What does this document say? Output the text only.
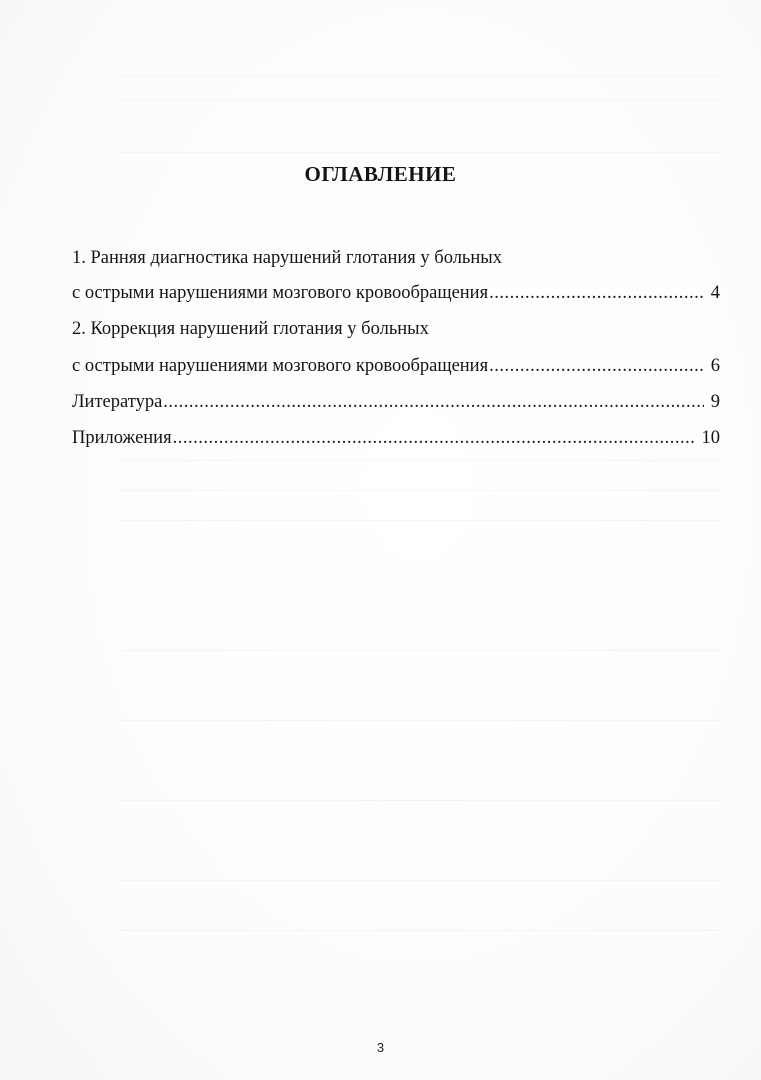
ОГЛАВЛЕНИЕ
1. Ранняя диагностика нарушений глотания у больных
с острыми нарушениями мозгового кровообращения .....	4
2. Коррекция нарушений глотания у больных
с острыми нарушениями мозгового кровообращения .....	6
Литература .....	9
Приложения .....	10
3
